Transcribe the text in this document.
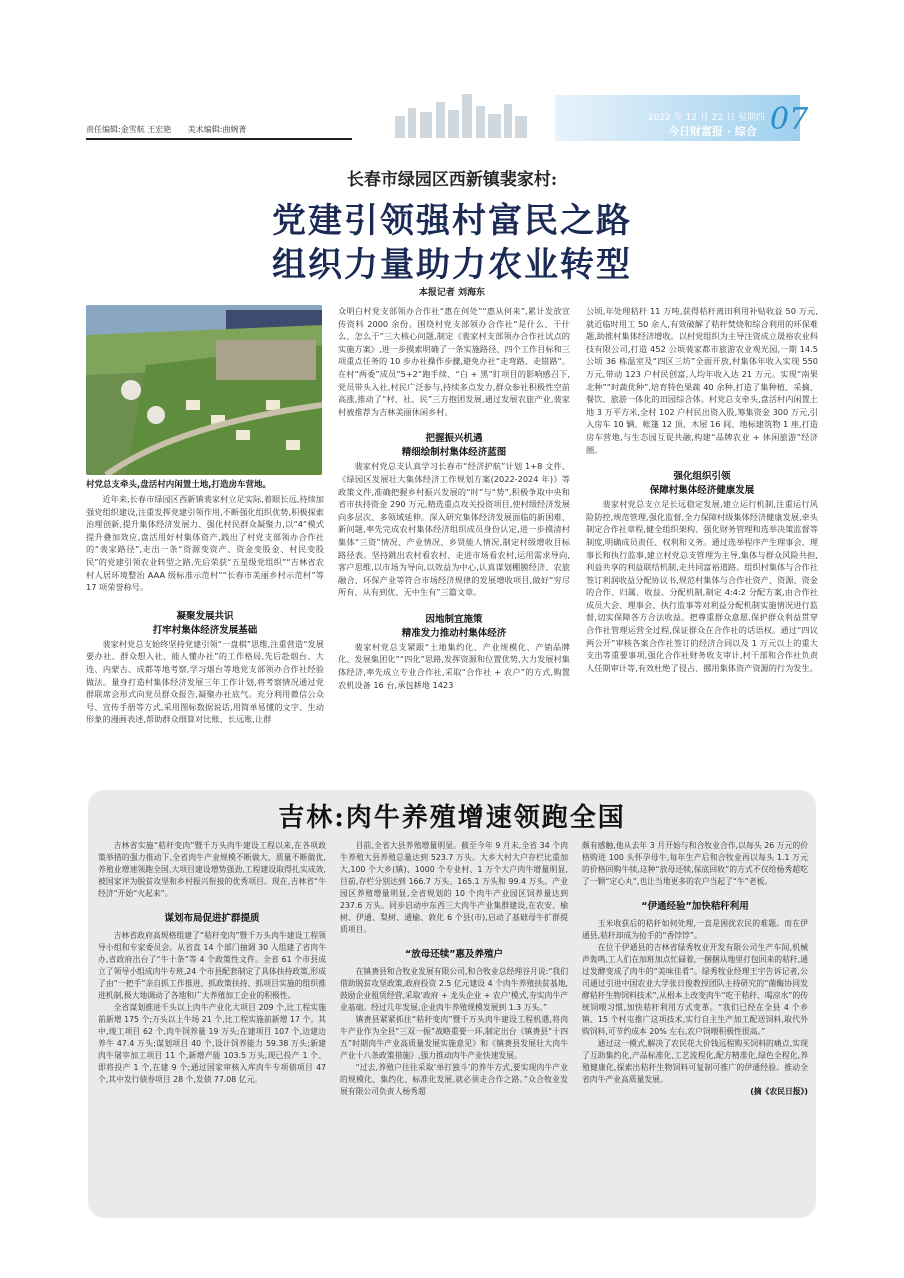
责任编辑:金雪航 王宏艳 美术编辑:曲婉菁
2022 年 12 月 22 日 星期四
今日财富报 · 综合 07
长春市绿园区西新镇裴家村:
党建引领强村富民之路
组织力量助力农业转型
本报记者 刘海东
村党总支牵头,盘活村内闲置土地,打造房车营地。

近年来,长春市绿园区西新镇裴家村立足实际,着眼长远,持续加强党组织建设,注重发挥党建引领作用,不断强化组织优势,积极探索治理创新,提升集体经济发展力、强化村民群众凝聚力,以“4”模式提升叠加效应,盘活用好村集体资产,践出了村党支部领办合作社的“裴家路径”,走出一条“资源变资产、资金变股金、村民变股民”的党建引领农业转型之路,先后荣获“五星级党组织”“吉林省农村人居环境整治 AAA 级标准示范村”“长春市美丽乡村示范村”等 17 项荣誉称号。

凝聚发展共识
打牢村集体经济发展基础

裴家村党总支始终坚持党建引领“一盘棋”思维,注重营造“发展要办社、群众想入社、能人懂办社”的工作格局,先后赴烟台、大连、内蒙古、成都等地考察,学习烟台等地党支部领办合作社经验做法。量身打造村集体经济发展三年工作计划,将考察情况通过党群联席会形式向党员群众报告,凝聚办社底气。充分利用微信公众号、宣传手册等方式,采用图标数据说话,用简单易懂的文字、生动形象的漫画表述,帮助群众细算对比账、长远账,让群

众明白村党支部领办合作社“惠在何处”“惠从何来”,累计发放宣传资料 2000 余份。围绕村党支部领办合作社“是什么、干什么、怎么干”三大核心问题,制定《裴家村支部领办合作社试点的实施方案》,进一步摸索明确了一条实施路径、四个工作目标和三项重点任务的 10 步办社操作步骤,避免办社“走弯路、走错路”。在村“两委”成员“5+2”跑手续、“白 + 黑”盯项目的影响感召下,党员带头入社,村民广泛参与,持续多点发力,群众参社积极性空前高涨,推动了“村、社、民”三方抱团发展,通过发展农旅产业,裴家村被推荐为吉林美丽休闲乡村。

把握振兴机遇
精细绘制村集体经济蓝图

裴家村党总支认真学习长春市“经济护航”计划 1+8 文件、《绿园区发展壮大集体经济工作规划方案(2022-2024 年)》等政策文件,准确把握乡村振兴发展的“时”与“势”,积极争取中央和省市扶持资金 290 万元,精选重点攻关投资项目,使村级经济发展向多层次、多领域延伸。深入研究集体经济发展面临的新困难、新问题,率先完成农村集体经济组织成员身份认定,进一步摸清村集体“三资”情况、产业情况、乡贤能人情况,制定村级增收目标路径表。坚持跳出农村看农村、走进市场看农村,运用需求导向,客户思维,以市场为导向,以效益为中心,认真谋划棚膜经济、农旅融合、环保产业等符合市场经济规律的发展增收项目,做好“穷尽所有、从有到优、无中生有”三篇文章。

因地制宜施策
精准发力推动村集体经济

裴家村党总支紧跟“土地集约化、产业规模化、产销品牌化、发展集团化”“四化”思路,发挥资源和位置优势,大力发展村集体经济,率先成立专业合作社,采取“合作社 + 农户”的方式,购置农机设备 16 台,承包耕地 1423

公顷,年处理秸秆 11 万吨,获得秸秆离田利用补贴收益 50 万元,就近临时用工 50 余人,有效破解了秸秆焚烧和综合利用的环保难题,助推村集体经济增收。以村党组织为主导注资成立晟裕农业科技有限公司,打造 452 公顷裴家都市旅游农业观光园,一期 14.5 公顷 36 栋温室及“四区三坊”全面开放,村集体年收入实现 550 万元,带动 123 户村民创富,人均年收入达 21 万元。实现“南果北种”“时蔬优种”,培育特色果蔬 40 余种,打造了集种植、采摘、餐饮、旅游一体化的田园综合体。村党总支牵头,盘活村内闲置土地 3 万平方米,全村 102 户村民出资入股,筹集资金 300 万元,引入房车 10 辆、帐篷 12 顶、木屋 16 间、地标建筑物 1 座,打造房车营地,与生态园互促共融,构建“品牌农业 + 休闲旅游”经济圈。

强化组织引领
保障村集体经济健康发展

裴家村党总支立足长远稳定发展,建立运行机制,注重运行风险防控,规范管理,强化监督,全力保障村级集体经济健康发展,牵头制定合作社章程,健全组织架构、强化财务管理和选举决策监督等制度,明确成员责任、权利和义务。通过选举程序产生理事会、理事长和执行监事,建立村党总支管理为主导,集体与群众风险共担,利益共享的利益联结机制,走共同富裕道路。组织村集体与合作社签订利润收益分配协议书,规范村集体与合作社资产、资源、资金的合作、归属、收益、分配机制,制定 4:4:2 分配方案,由合作社成员大会、理事会、执行监事等对利益分配机制实施情况进行监督,切实保障各方合法收益。把尊重群众意愿,保护群众利益贯穿合作社管理运营全过程,保证群众在合作社的话语权。通过“四议两公开”审核各案合作社签订的经济合同以及 1 万元以上的重大支出等重要事项,强化合作社财务收支审计,村干部和合作社负责人任期审计等,有效杜绝了侵占、挪用集体资产资源的行为发生。

吉林:肉牛养殖增速领跑全国

吉林省实施“秸秆变肉”暨千万头肉牛建设工程以来,在各项政策举措的强力推动下,全省肉牛产业规模不断做大、质量不断做优,养殖业增速领跑全国,大项目建设增势强劲,工程建设取得扎实成效,被国家评为脱贫攻坚和乡村振兴衔接的优秀项目。现在,吉林省“牛经济”开始“火起来”。

谋划布局促进扩群提质

吉林省政府高规格组建了“秸秆变肉”暨千万头肉牛建设工程领导小组和专家委员会。从省直 14 个部门抽调 30 人组建了省肉牛办,省政府出台了“牛十条”等 4 个政策性文件。全省 61 个市县成立了领导小组成肉牛专班,24 个市县配套制定了具体扶持政策,形成了由“一把手”亲自抓工作推进、抓政策扶持、抓项目实施的组织推进机制,极大地调动了各地和广大养殖加工企业的积极性。

全省谋划推进千头以上肉牛产业化大项目 209 个,比工程实施前新增 175 个;万头以上牛场 21 个,比工程实施前新增 17 个。其中,竣工项目 62 个,肉牛饲养量 19 万头;在建项目 107 个,边建边养牛 47.4 万头;谋划项目 40 个,设计饲养能力 59.38 万头;新建肉牛屠宰加工项目 11 个,新增产能 103.5 万头,现已投产 1 个、即将投产 1 个,在建 9 个;通过国家审核入库肉牛专项债项目 47 个,其中发行债券项目 28 个,发债 77.08 亿元。

目前,全省大县养殖增量明显。截至今年 9 月末,全省 34 个肉牛养殖大县养殖总量达到 523.7 万头。大乡大村大户存栏比重加大,100 个大乡(镇)、1000 个专业村、1 万个大户肉牛增量明显,目前,存栏分别达到 166.7 万头、165.1 万头和 99.4 万头。产业园区养殖增量明显,全省规划的 10 个肉牛产业园区饲养量达到 237.6 万头。同步启动中东西三大肉牛产业集群建设,在农安、榆树、伊通、梨树、通榆、敦化 6 个县(市),启动了基础母牛扩群提质项目。

“放母还犊”惠及养殖户

在镇赉县和合牧业发展有限公司,和合牧业总经理谷月说:“我们借助脱贫攻坚政策,政府投资 2.5 亿元建设 4 个肉牛养殖扶贫基地,鼓励企业租赁经营,采取‘政府 + 龙头企业 + 农户’模式,夯实肉牛产业基础。经过几年发展,企业肉牛养殖规模发展到 1.3 万头。”

镇赉县紧紧抓住“秸秆变肉”暨千万头肉牛建设工程机遇,将肉牛产业作为全县“三双一振”战略重要一环,制定出台《镇赉县“十四五”时期肉牛产业高质量发展实施意见》和《镇赉县发展壮大肉牛产业十八条政策措施》,强力推动肉牛产业快速发展。

“过去,养殖户往往采取‘单打独斗’的养牛方式,要实现肉牛产业的规模化、集约化、标准化发展,就必须走合作之路。”众合牧业发展有限公司负责人杨秀超

颇有感触,他从去年 3 月开始与和合牧业合作,以每头 26 万元的价格购进 100 头怀孕母牛,每年生产后和合牧业再以每头 1.1 万元的价格回购牛犊,这种“放母还犊,保底回收”的方式不仅给杨秀超吃了一颗“定心丸”,也让当地更多的农户当起了“牛”老板。

“伊通经验”加快秸秆利用

玉米收获后的秸秆如何处理,一直是困扰农民的难题。而在伊通县,秸秆却成为抢手的“香饽饽”。

在位于伊通县的吉林省绿秀牧业开发有限公司生产车间,机械声轰鸣,工人们在加班加点忙碌着,一捆捆从地里打包回来的秸秆,通过发酵变成了肉牛的“美味佳肴”。绿秀牧业经理王宇告诉记者,公司通过引进中国农业大学张日俊教授团队主持研究的“菌酶协同发酵秸秆生物饲料技术”,从根本上改变肉牛“吃干秸秆、喝凉水”的传统饲喂习惯,加快秸秆利用方式变革。“我们已经在全县 4 个乡镇、15 个村屯推广这项技术,实行自主生产加工配送饲料,取代外购饲料,可节约成本 20% 左右,农户饲喂积极性很高。”

通过这一模式,解决了农民花大价钱远程购买饲料的痛点,实现了互助集约化,产品标准化,工艺流程化,配方精准化,绿色全程化,养殖健康化,探索出秸秆生物饲料可复制可推广的伊通经验。推动全省肉牛产业高质量发展。

(摘《农民日报》)
